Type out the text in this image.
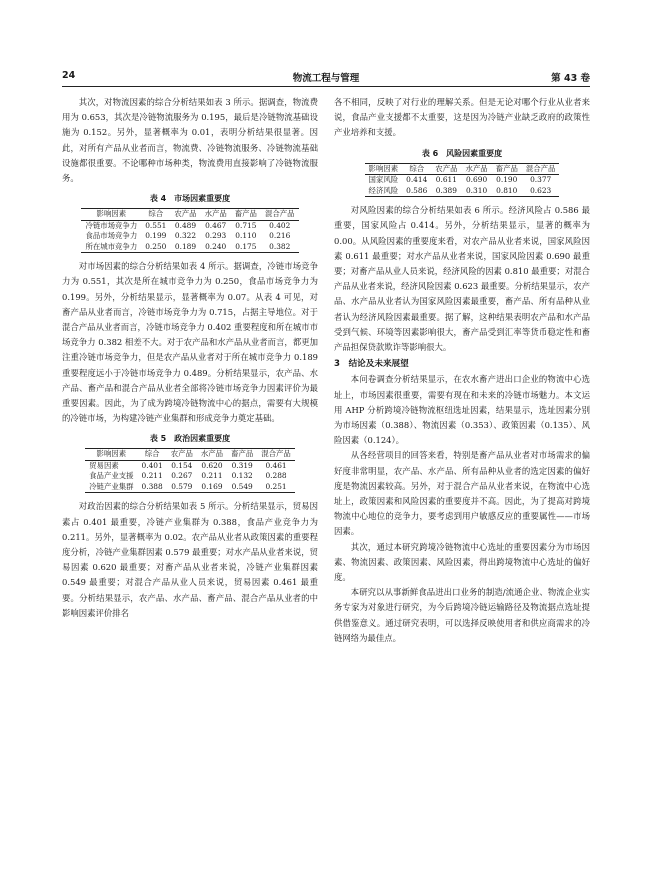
24	物流工程与管理	第 43 卷

其次，对物流因素的综合分析结果如表 3 所示。据调查，物流费用为 0.653，其次是冷链物流服务为 0.195，最后是冷链物流基础设施为 0.152。另外，显著概率为 0.01，表明分析结果很显著。因此，对所有产品从业者而言，物流费、冷链物流服务、冷链物流基础设施都很重要。不论哪种市场种类，物流费用直接影响了冷链物流服务。

表 4　市场因素重要度
影响因素	综合	农产品	水产品	畜产品	混合产品
冷链市场竞争力	0.551	0.489	0.467	0.715	0.402
食品市场竞争力	0.199	0.322	0.293	0.110	0.216
所在城市竞争力	0.250	0.189	0.240	0.175	0.382

对市场因素的综合分析结果如表 4 所示。据调查，冷链市场竞争力为 0.551，其次是所在城市竞争力为 0.250，食品市场竞争力为 0.199。另外，分析结果显示，显著概率为 0.07。从表 4 可见，对畜产品从业者而言，冷链市场竞争力为 0.715，占据主导地位。对于混合产品从业者而言，冷链市场竞争力 0.402 重要程度和所在城市市场竞争力 0.382 相差不大。对于农产品和水产品从业者而言，都更加注重冷链市场竞争力，但是农产品从业者对于所在城市竞争力 0.189 重要程度远小于冷链市场竞争力 0.489。分析结果显示，农产品、水产品、畜产品和混合产品从业者全部将冷链市场竞争力因素评价为最重要因素。因此，为了成为跨境冷链物流中心的据点，需要有大规模的冷链市场，为构建冷链产业集群和形成竞争力奠定基础。

表 5　政治因素重要度
影响因素	综合	农产品	水产品	畜产品	混合产品
贸易因素	0.401	0.154	0.620	0.319	0.461
食品产业支援	0.211	0.267	0.211	0.132	0.288
冷链产业集群	0.388	0.579	0.169	0.549	0.251

对政治因素的综合分析结果如表 5 所示。分析结果显示，贸易因素占 0.401 最重要，冷链产业集群为 0.388，食品产业竞争力为 0.211。另外，显著概率为 0.02。农产品从业者从政策因素的重要程度分析，冷链产业集群因素 0.579 最重要；对水产品从业者来说，贸易因素 0.620 最重要；对畜产品从业者来说，冷链产业集群因素 0.549 最重要；对混合产品从业人员来说，贸易因素 0.461 最重要。分析结果显示，农产品、水产品、畜产品、混合产品从业者的中影响因素评价排名

各不相同，反映了对行业的理解关系。但是无论对哪个行业从业者来说，食品产业支援都不太重要，这是因为冷链产业缺乏政府的政策性产业培养和支援。

表 6　风险因素重要度
影响因素	综合	农产品	水产品	畜产品	混合产品
国家风险	0.414	0.611	0.690	0.190	0.377
经济风险	0.586	0.389	0.310	0.810	0.623

对风险因素的综合分析结果如表 6 所示。经济风险占 0.586 最重要，国家风险占 0.414。另外，分析结果显示，显著的概率为 0.00。从风险因素的重要度来看，对农产品从业者来说，国家风险因素 0.611 最重要；对水产品从业者来说，国家风险因素 0.690 最重要；对畜产品从业人员来说，经济风险的因素 0.810 最重要；对混合产品从业者来说，经济风险因素 0.623 最重要。分析结果显示，农产品、水产品从业者认为国家风险因素最重要，畜产品、所有品种从业者认为经济风险因素最重要。据了解，这种结果表明农产品和水产品受到气候、环境等因素影响很大，畜产品受到汇率等货币稳定性和畜产品担保贷款欺诈等影响很大。

3　结论及未来展望

本问卷调查分析结果显示，在农水畜产进出口企业的物流中心选址上，市场因素很重要，需要有现在和未来的冷链市场魅力。本文运用 AHP 分析跨境冷链物流枢纽选址因素，结果显示，选址因素分别为市场因素（0.388）、物流因素（0.353）、政策因素（0.135）、风险因素（0.124）。

从各经营项目的回答来看，特别是畜产品从业者对市场需求的偏好度非常明显，农产品、水产品、所有品种从业者的选定因素的偏好度是物流因素较高。另外，对于混合产品从业者来说，在物流中心选址上，政策因素和风险因素的重要度并不高。因此，为了提高对跨境物流中心地位的竞争力，要考虑到用户敏感反应的重要属性——市场因素。

其次，通过本研究跨境冷链物流中心选址的重要因素分为市场因素、物流因素、政策因素、风险因素，得出跨境物流中心选址的偏好度。

本研究以从事新鲜食品进出口业务的制造/流通企业、物流企业实务专家为对象进行研究，为今后跨境冷链运输路径及物流据点选址提供借鉴意义。通过研究表明，可以选择反映使用者和供应商需求的冷链网络为最佳点。
